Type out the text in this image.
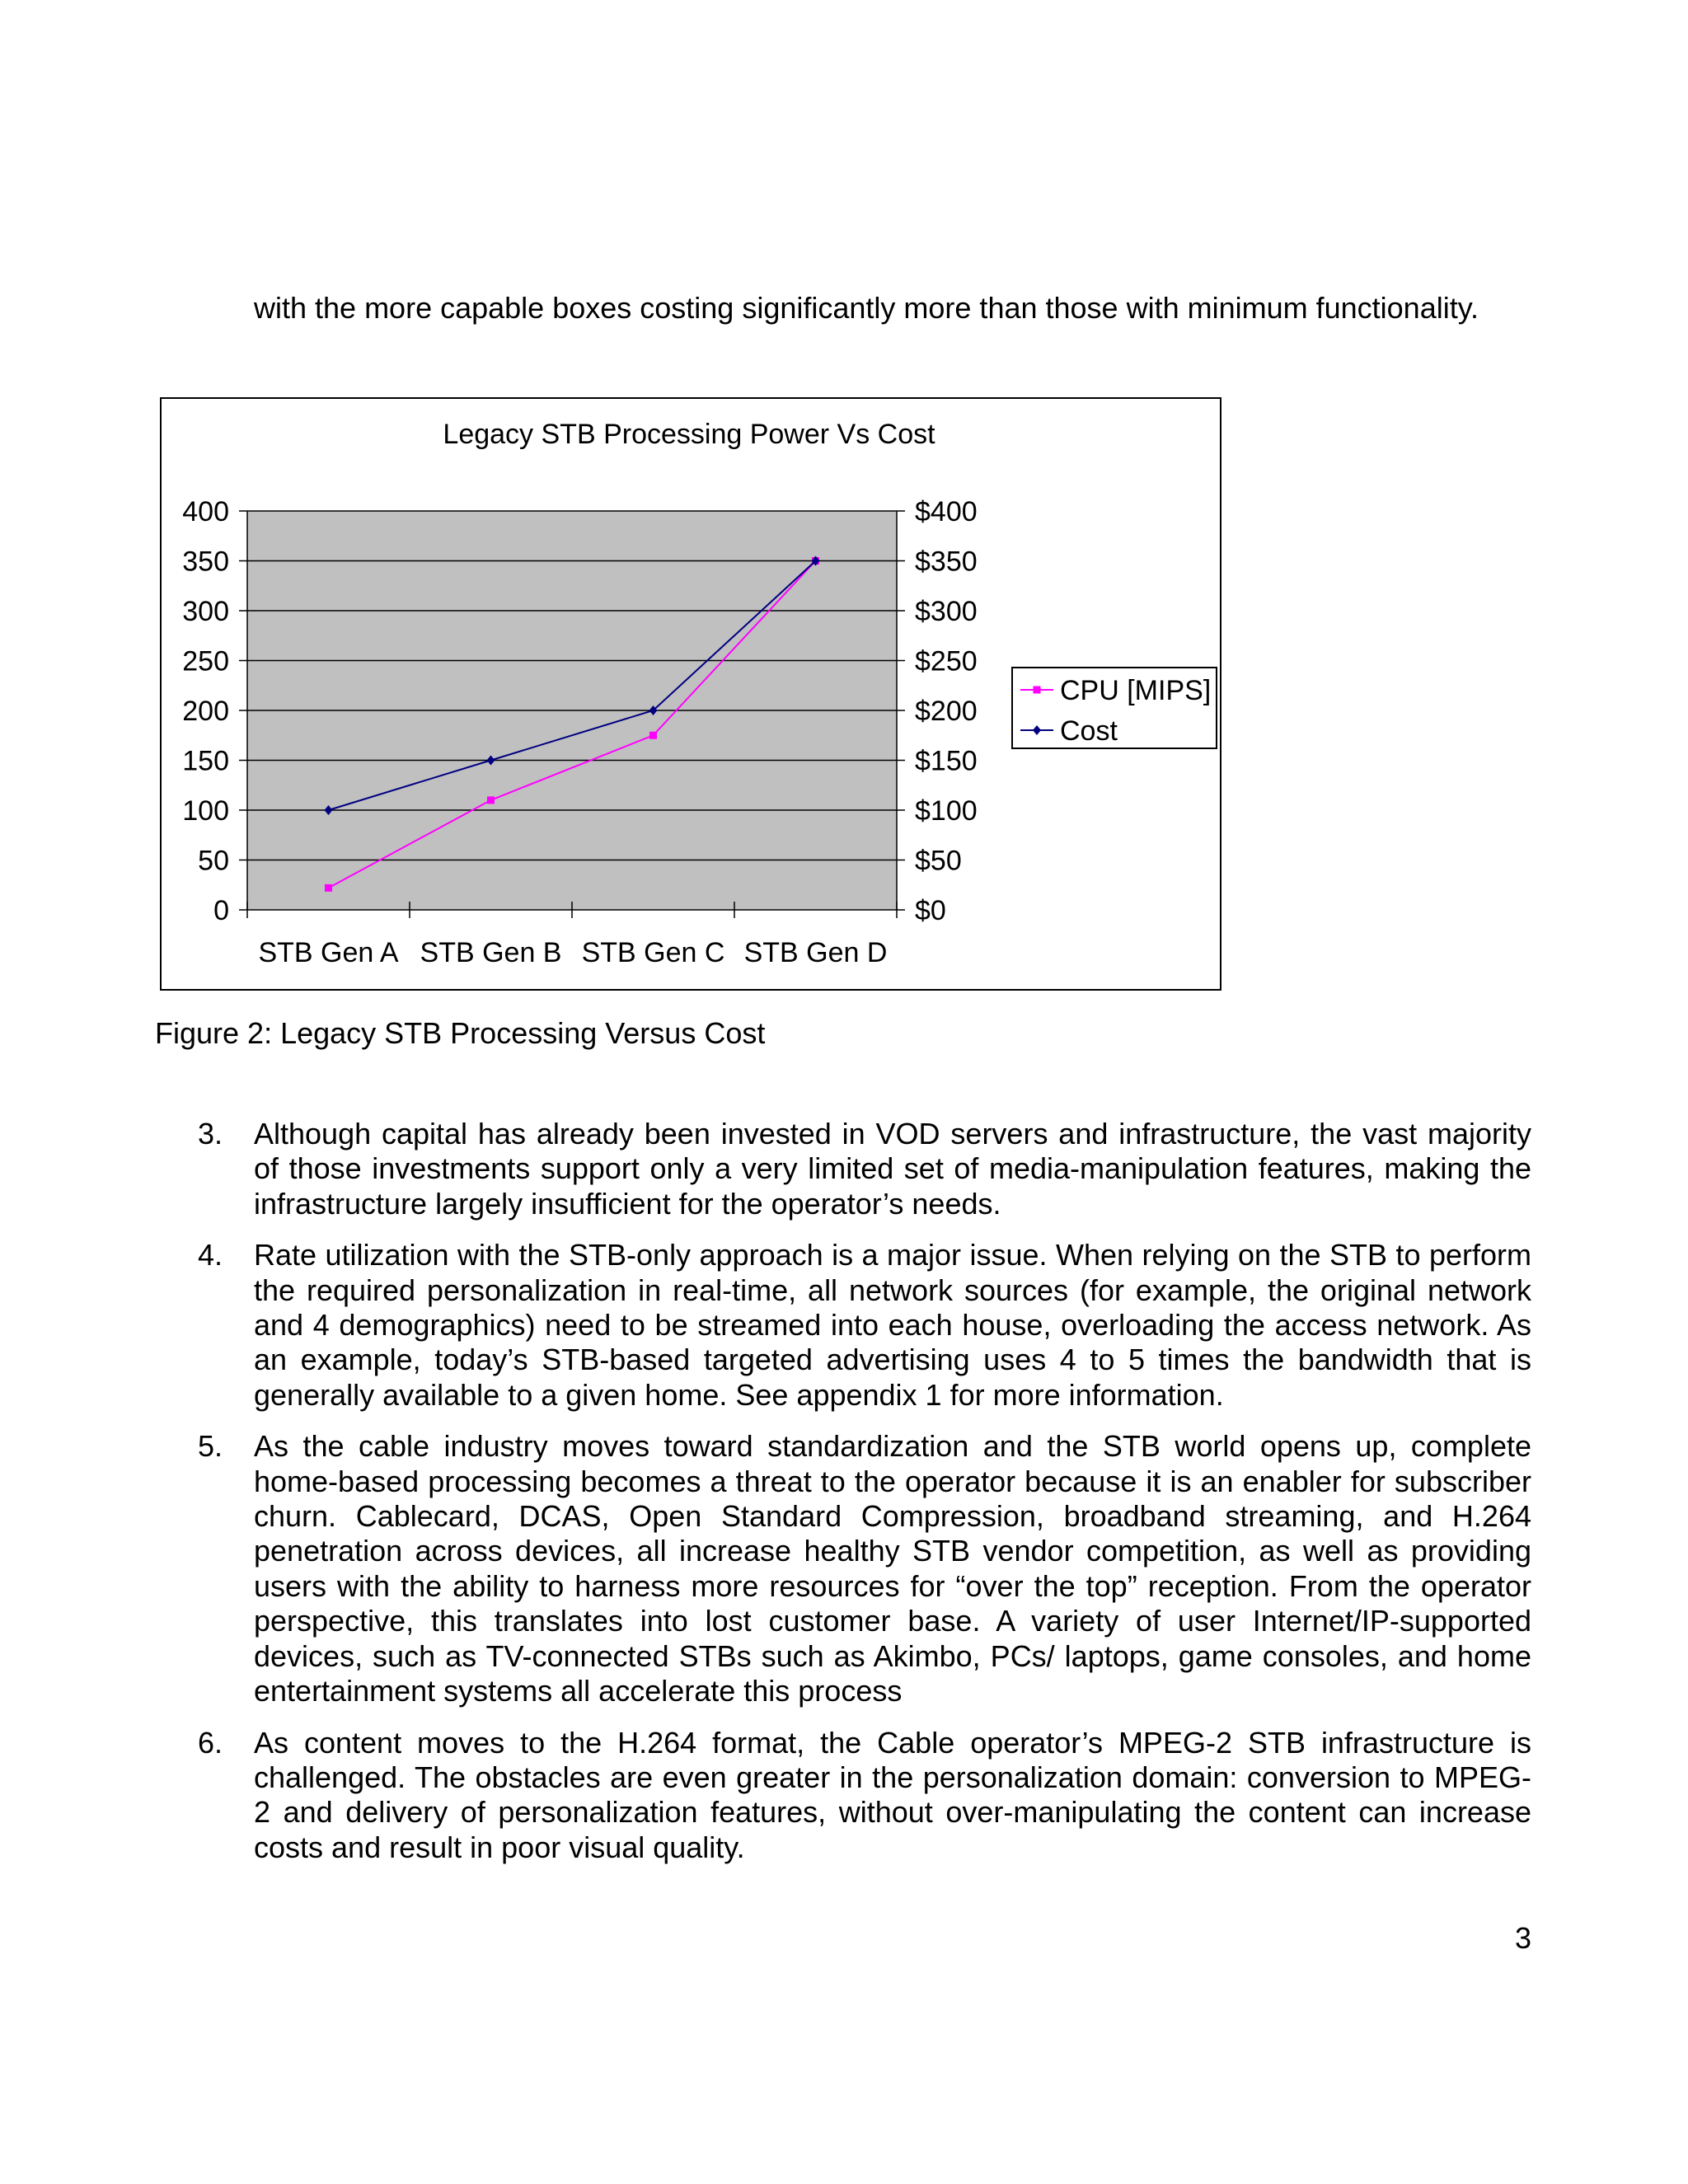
with the more capable boxes costing significantly more than those with minimum functionality.

Legacy STB Processing Power Vs Cost
0	$0
50	$50
100	$100
150	$150
200	$200
250	$250
300	$300
350	$350
400	$400
STB Gen A STB Gen B STB Gen C STB Gen D
CPU [MIPS]
Cost

Figure 2: Legacy STB Processing Versus Cost

3.	Although capital has already been invested in VOD servers and infrastructure, the vast majority of those investments support only a very limited set of media-manipulation features, making the infrastructure largely insufficient for the operator’s needs.
4.	Rate utilization with the STB-only approach is a major issue. When relying on the STB to perform the required personalization in real-time, all network sources (for example, the original network and 4 demographics) need to be streamed into each house, overloading the access network. As an example, today’s STB-based targeted advertising uses 4 to 5 times the bandwidth that is generally available to a given home. See appendix 1 for more information.
5.	As the cable industry moves toward standardization and the STB world opens up, complete home-based processing becomes a threat to the operator because it is an enabler for subscriber churn. Cablecard, DCAS, Open Standard Compression, broadband streaming, and H.264 penetration across devices, all increase healthy STB vendor competition, as well as providing users with the ability to harness more resources for “over the top” reception. From the operator perspective, this translates into lost customer base. A variety of user Internet/IP-supported devices, such as TV-connected STBs such as Akimbo, PCs/ laptops, game consoles, and home entertainment systems all accelerate this process
6.	As content moves to the H.264 format, the Cable operator’s MPEG-2 STB infrastructure is challenged. The obstacles are even greater in the personalization domain: conversion to MPEG-2 and delivery of personalization features, without over-manipulating the content can increase costs and result in poor visual quality.

3
